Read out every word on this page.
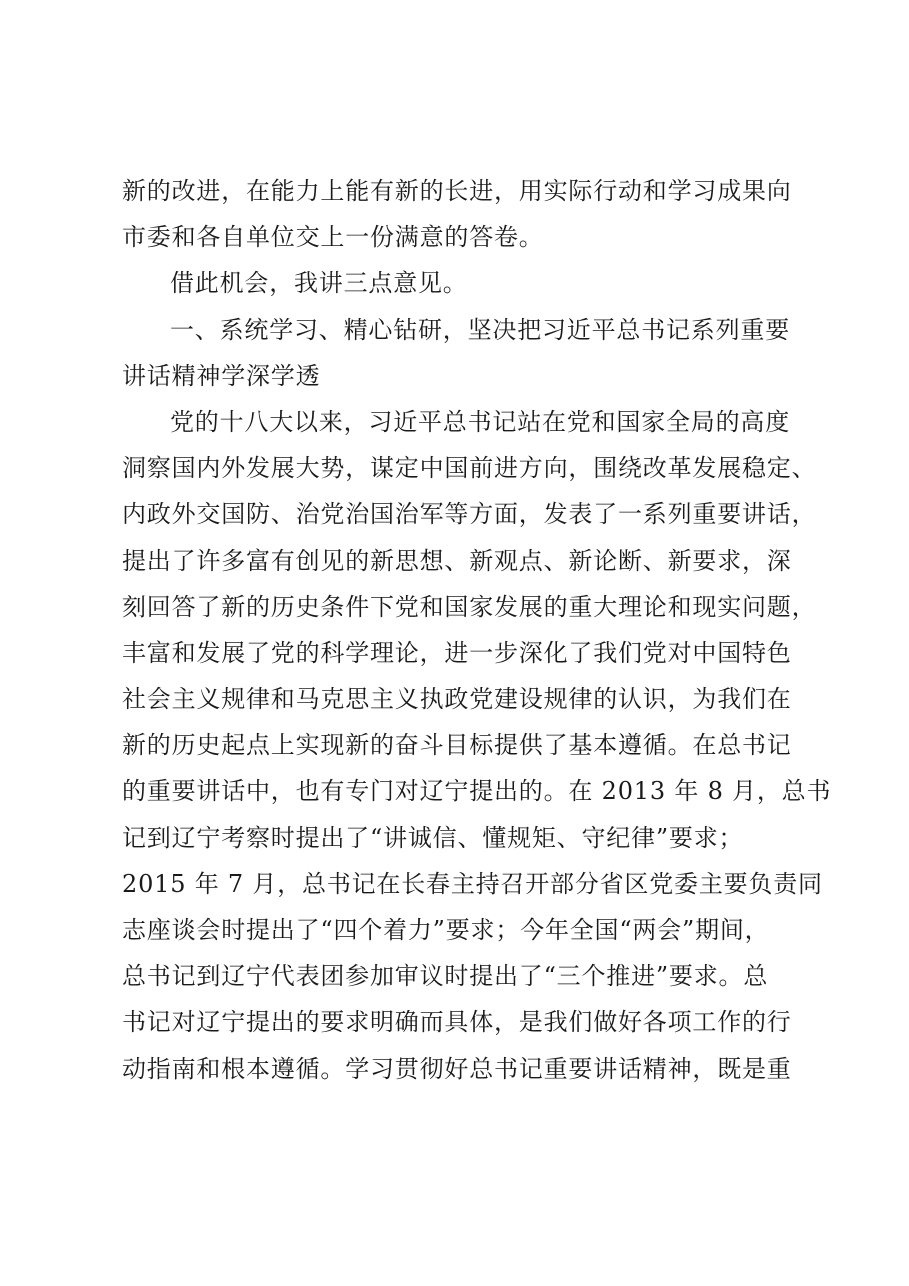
新的改进，在能力上能有新的长进，用实际行动和学习成果向
市委和各自单位交上一份满意的答卷。
借此机会，我讲三点意见。
一、系统学习、精心钻研，坚决把习近平总书记系列重要
讲话精神学深学透
党的十八大以来，习近平总书记站在党和国家全局的高度
洞察国内外发展大势，谋定中国前进方向，围绕改革发展稳定、
内政外交国防、治党治国治军等方面，发表了一系列重要讲话，
提出了许多富有创见的新思想、新观点、新论断、新要求，深
刻回答了新的历史条件下党和国家发展的重大理论和现实问题，
丰富和发展了党的科学理论，进一步深化了我们党对中国特色
社会主义规律和马克思主义执政党建设规律的认识，为我们在
新的历史起点上实现新的奋斗目标提供了基本遵循。在总书记
的重要讲话中，也有专门对辽宁提出的。在 2013 年 8 月，总书
记到辽宁考察时提出了“讲诚信、懂规矩、守纪律”要求；
2015 年 7 月，总书记在长春主持召开部分省区党委主要负责同
志座谈会时提出了“四个着力”要求；今年全国“两会”期间，
总书记到辽宁代表团参加审议时提出了“三个推进”要求。总
书记对辽宁提出的要求明确而具体，是我们做好各项工作的行
动指南和根本遵循。学习贯彻好总书记重要讲话精神，既是重
